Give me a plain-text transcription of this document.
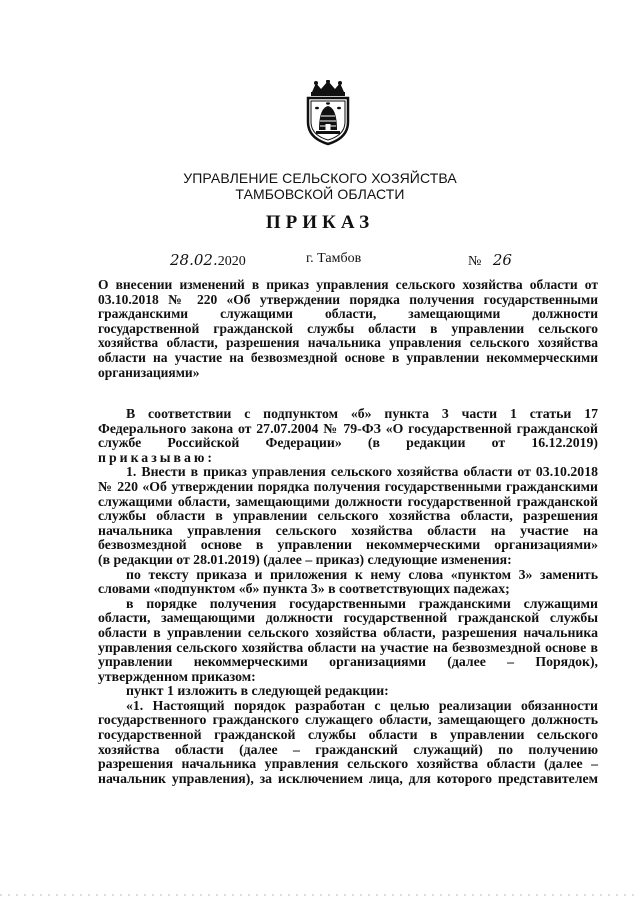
УПРАВЛЕНИЕ СЕЛЬСКОГО ХОЗЯЙСТВА
ТАМБОВСКОЙ ОБЛАСТИ
ПРИКАЗ
28.02.2020	г. Тамбов	№ 26
О внесении изменений в приказ управления сельского хозяйства области от
03.10.2018 № 220 «Об утверждении порядка получения государственными
гражданскими служащими области, замещающими должности
государственной гражданской службы области в управлении сельского
хозяйства области, разрешения начальника управления сельского хозяйства
области на участие на безвозмездной основе в управлении некоммерческими
организациями»
В соответствии с подпунктом «б» пункта 3 части 1 статьи 17
Федерального закона от 27.07.2004 № 79-ФЗ «О государственной гражданской
службе Российской Федерации» (в редакции от 16.12.2019)
приказываю:
1. Внести в приказ управления сельского хозяйства области от 03.10.2018
№ 220 «Об утверждении порядка получения государственными гражданскими
служащими области, замещающими должности государственной гражданской
службы области в управлении сельского хозяйства области, разрешения
начальника управления сельского хозяйства области на участие на
безвозмездной основе в управлении некоммерческими организациями»
(в редакции от 28.01.2019) (далее – приказ) следующие изменения:
по тексту приказа и приложения к нему слова «пунктом 3» заменить
словами «подпунктом «б» пункта 3» в соответствующих падежах;
в порядке получения государственными гражданскими служащими
области, замещающими должности государственной гражданской службы
области в управлении сельского хозяйства области, разрешения начальника
управления сельского хозяйства области на участие на безвозмездной основе в
управлении некоммерческими организациями (далее – Порядок),
утвержденном приказом:
пункт 1 изложить в следующей редакции:
«1. Настоящий порядок разработан с целью реализации обязанности
государственного гражданского служащего области, замещающего должность
государственной гражданской службы области в управлении сельского
хозяйства области (далее – гражданский служащий) по получению
разрешения начальника управления сельского хозяйства области (далее –
начальник управления), за исключением лица, для которого представителем
